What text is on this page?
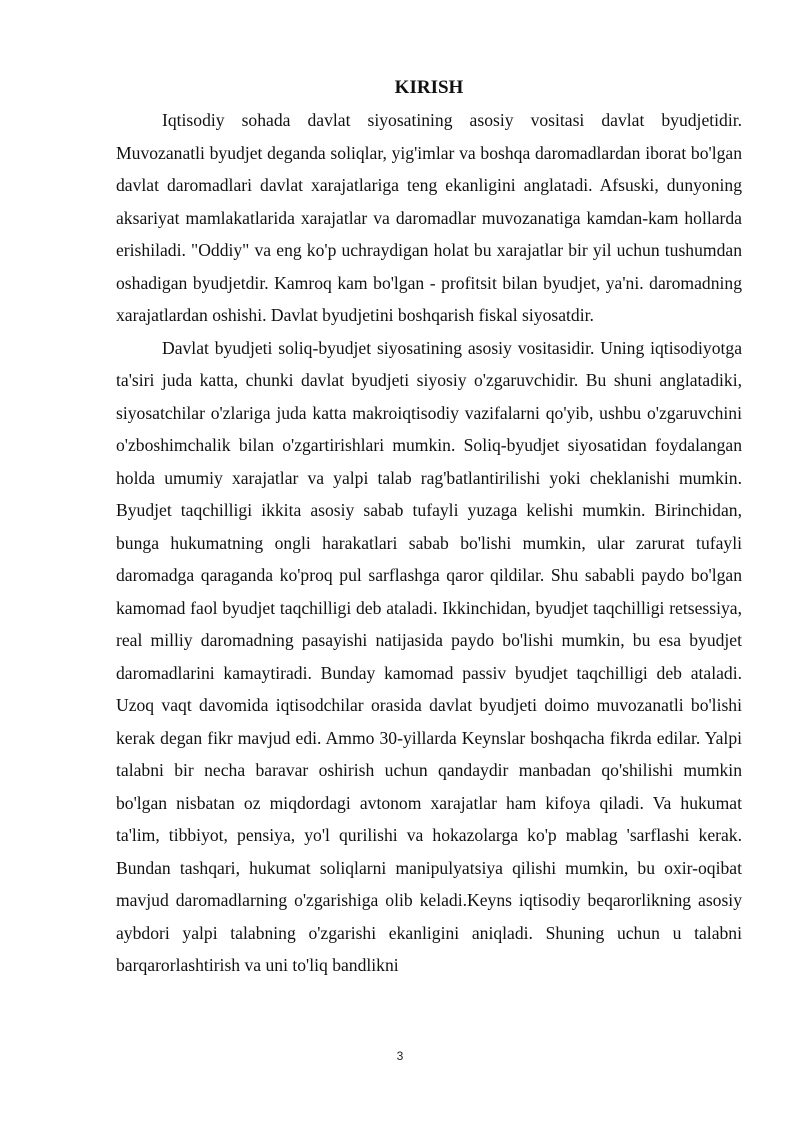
KIRISH

Iqtisodiy sohada davlat siyosatining asosiy vositasi davlat byudjetidir. Muvozanatli byudjet deganda soliqlar, yig'imlar va boshqa daromadlardan iborat bo'lgan davlat daromadlari davlat xarajatlariga teng ekanligini anglatadi. Afsuski, dunyoning aksariyat mamlakatlarida xarajatlar va daromadlar muvozanatiga kamdan-kam hollarda erishiladi. "Oddiy" va eng ko'p uchraydigan holat bu xarajatlar bir yil uchun tushumdan oshadigan byudjetdir. Kamroq kam bo'lgan - profitsit bilan byudjet, ya'ni. daromadning xarajatlardan oshishi. Davlat byudjetini boshqarish fiskal siyosatdir.

Davlat byudjeti soliq-byudjet siyosatining asosiy vositasidir. Uning iqtisodiyotga ta'siri juda katta, chunki davlat byudjeti siyosiy o'zgaruvchidir. Bu shuni anglatadiki, siyosatchilar o'zlariga juda katta makroiqtisodiy vazifalarni qo'yib, ushbu o'zgaruvchini o'zboshimchalik bilan o'zgartirishlari mumkin. Soliq-byudjet siyosatidan foydalangan holda umumiy xarajatlar va yalpi talab rag'batlantirilishi yoki cheklanishi mumkin. Byudjet taqchilligi ikkita asosiy sabab tufayli yuzaga kelishi mumkin. Birinchidan, bunga hukumatning ongli harakatlari sabab bo'lishi mumkin, ular zarurat tufayli daromadga qaraganda ko'proq pul sarflashga qaror qildilar. Shu sababli paydo bo'lgan kamomad faol byudjet taqchilligi deb ataladi. Ikkinchidan, byudjet taqchilligi retsessiya, real milliy daromadning pasayishi natijasida paydo bo'lishi mumkin, bu esa byudjet daromadlarini kamaytiradi. Bunday kamomad passiv byudjet taqchilligi deb ataladi. Uzoq vaqt davomida iqtisodchilar orasida davlat byudjeti doimo muvozanatli bo'lishi kerak degan fikr mavjud edi. Ammo 30-yillarda Keynslar boshqacha fikrda edilar. Yalpi talabni bir necha baravar oshirish uchun qandaydir manbadan qo'shilishi mumkin bo'lgan nisbatan oz miqdordagi avtonom xarajatlar ham kifoya qiladi. Va hukumat ta'lim, tibbiyot, pensiya, yo'l qurilishi va hokazolarga ko'p mablag 'sarflashi kerak. Bundan tashqari, hukumat soliqlarni manipulyatsiya qilishi mumkin, bu oxir-oqibat mavjud daromadlarning o'zgarishiga olib keladi.Keyns iqtisodiy beqarorlikning asosiy aybdori yalpi talabning o'zgarishi ekanligini aniqladi. Shuning uchun u talabni barqarorlashtirish va uni to'liq bandlikni

3
